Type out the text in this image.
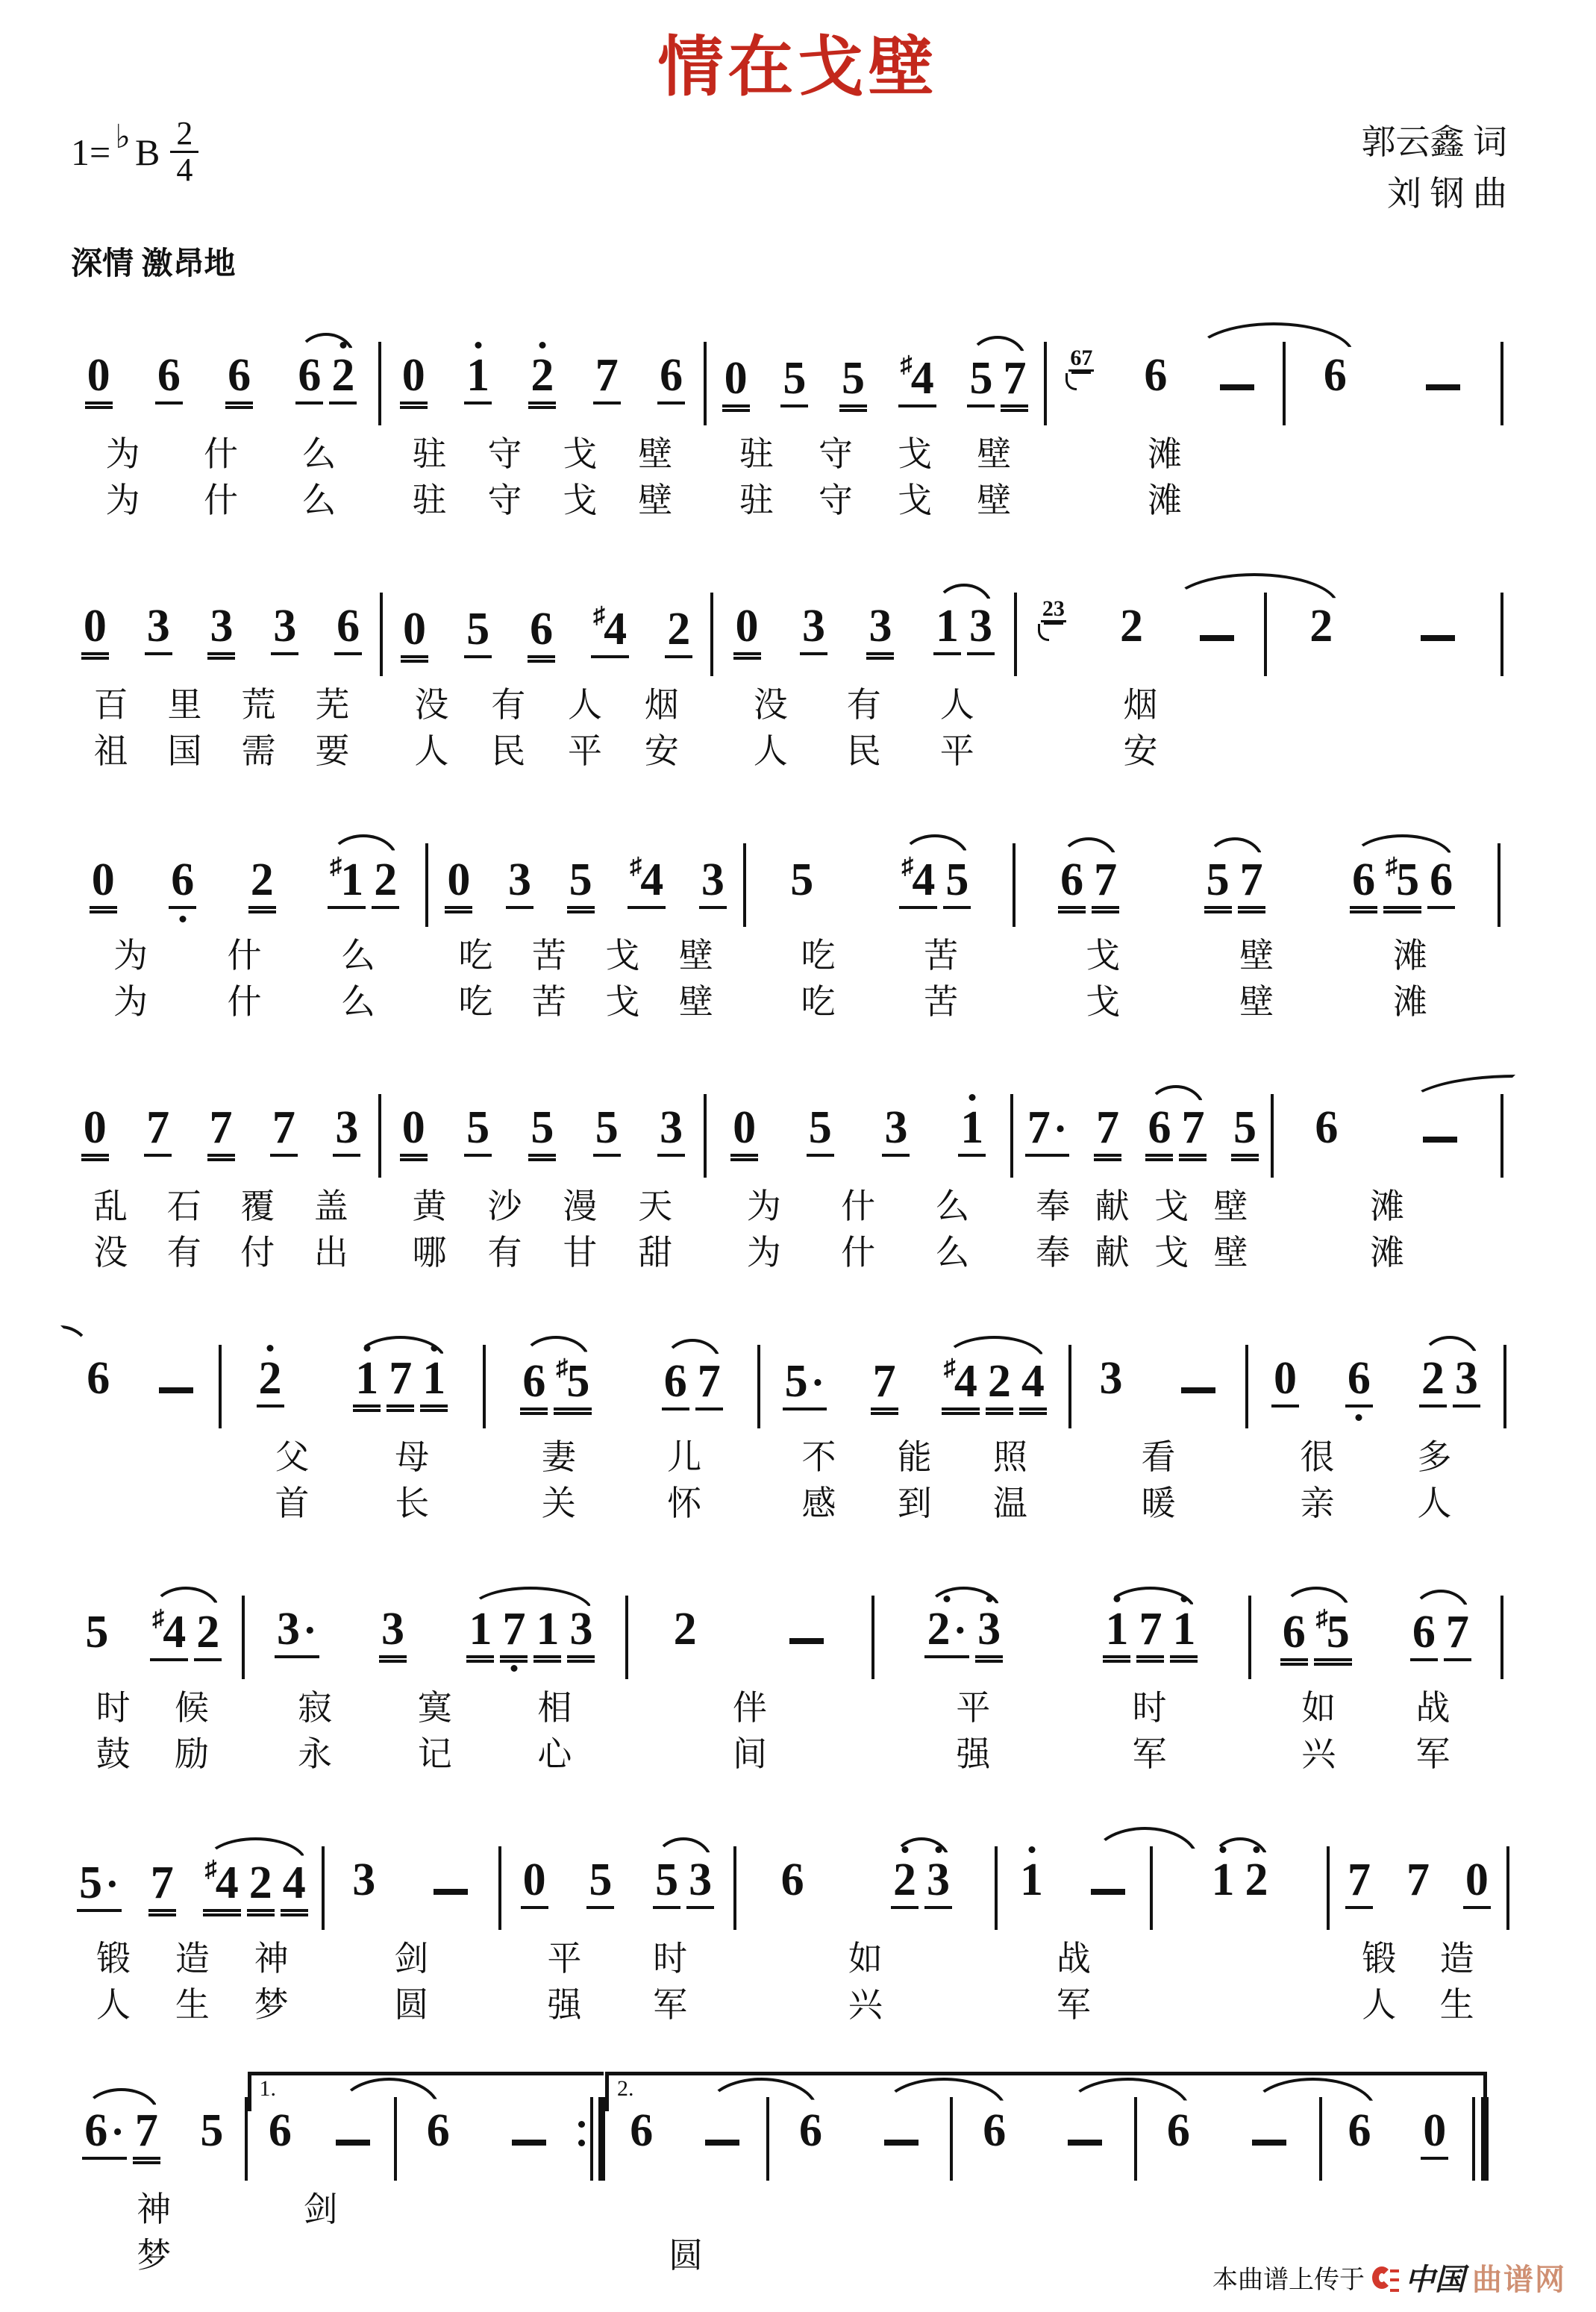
情在戈壁
1= ♭ B $\frac{2}{4}$	郭云鑫 词
刘 钢 曲
深情 激昂地
0 6 6 6 2
为 什 么
为 什 么
0 1 2 7 6
驻 守 戈 壁
驻 守 戈 壁
0 5 5 ♯4 5 7
驻 守 戈 壁
驻 守 戈 壁
67 6
滩
滩
6
0 3 3 3 6
百 里 荒 芜
祖 国 需 要
0 5 6 ♯4 2
没 有 人 烟
人 民 平 安
0 3 3 1 3
没 有 人
人 民 平
23 2
烟
安
2
0 6 2 ♯1 2
为 什 么
为 什 么
0 3 5 ♯4 3
吃 苦 戈 壁
吃 苦 戈 壁
5	♯4 5
吃	苦
吃	苦
6 7 5 7 6 ♯5 6
戈	壁	滩
戈	壁	滩
0 7 7 7 3
乱 石 覆 盖
没 有 付 出
0 5 5 5 3
黄 沙 漫 天
哪 有 甘 甜
0 5 3 1
为 什 么
为 什 么
7· 7 6 7 5
奉 献 戈 壁
奉 献 戈 壁
6
滩
滩
6	2 1 7 1
父 母
首 长
6 ♯5 6 7
妻	儿
关	怀
5· 7 ♯4 2 4
不 能 照
感 到 温
3
看
暖
0 6 2 3
很 多
亲 人
5 ♯4 2
时 候
鼓 励
3· 3 1 7 1 3
寂 寞 相
永 记 心
2
伴
间
2· 3 1 7 1
平	时
强	军
6 ♯5 6 7
如 战
兴 军
5· 7 ♯4 2 4
锻 造 神
人 生 梦
3
剑
圆
0 5 5 3
平 时
强 军
6 2 3
如
兴
1
战
军
1 2 7 7 0
锻 造
人 生
6· 7 5
神
梦
6
1.
剑
6	6
2.
圆
6	6	6	6 0
本曲谱上传于 中国 曲谱网
